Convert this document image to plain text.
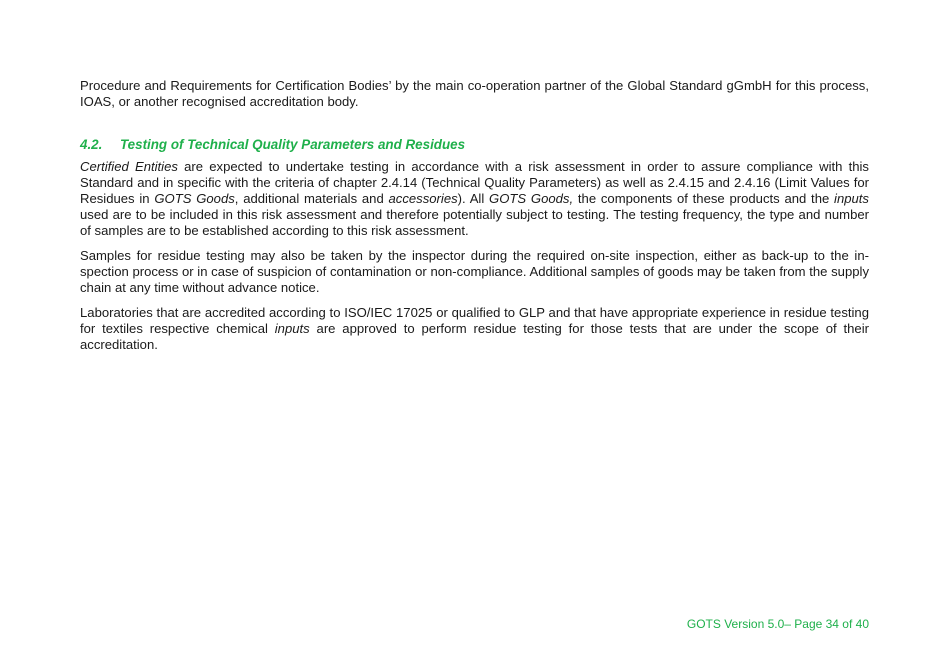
Procedure and Requirements for Certification Bodies’ by the main co-operation partner of the Global Standard gGmbH for this process, IOAS, or another recognised accreditation body.

4.2.	Testing of Technical Quality Parameters and Residues

Certified Entities are expected to undertake testing in accordance with a risk assessment in order to assure compliance with this Standard and in specific with the criteria of chapter 2.4.14 (Technical Quality Parameters) as well as 2.4.15 and 2.4.16 (Limit Values for Residues in GOTS Goods, additional materials and accessories). All GOTS Goods, the components of these products and the inputs used are to be included in this risk assessment and therefore potentially subject to testing. The testing frequency, the type and number of samples are to be established according to this risk assessment.

Samples for residue testing may also be taken by the inspector during the required on-site inspection, either as back-up to the inspection process or in case of suspicion of contamination or non-compliance. Additional samples of goods may be taken from the supply chain at any time without advance notice.

Laboratories that are accredited according to ISO/IEC 17025 or qualified to GLP and that have appropriate experience in residue testing for textiles respective chemical inputs are approved to perform residue testing for those tests that are under the scope of their accreditation.

GOTS Version 5.0– Page 34 of 40
